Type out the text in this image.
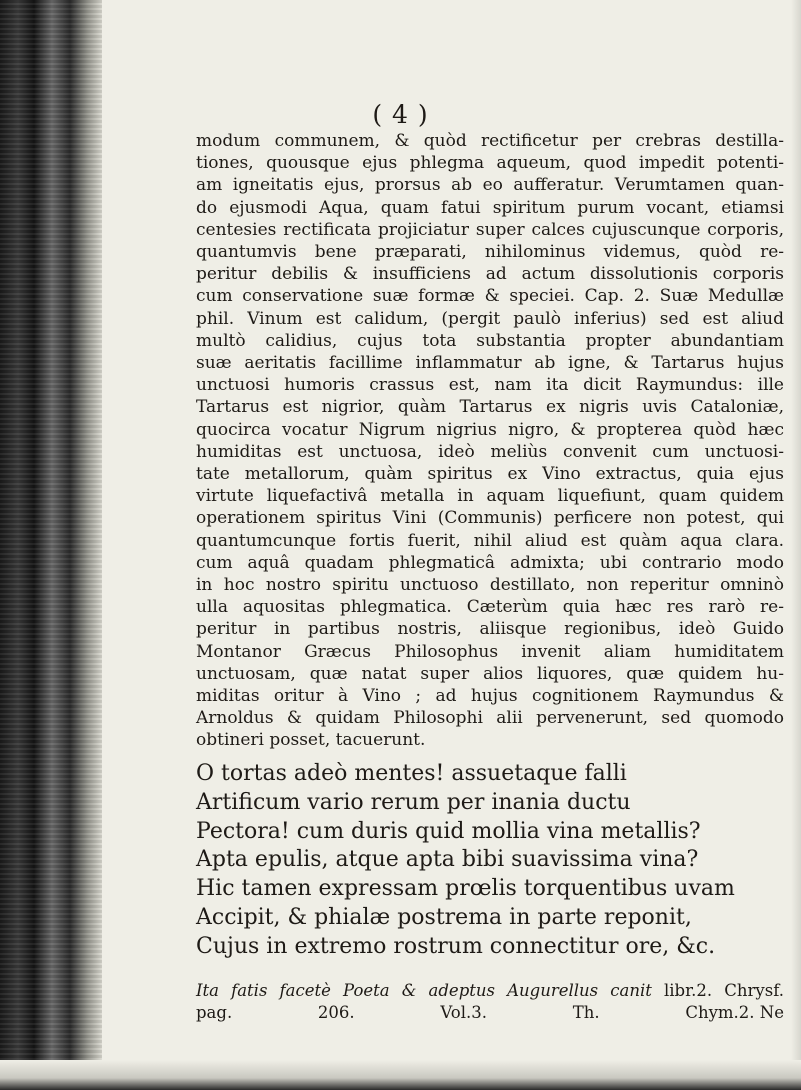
( 4 )
modum communem, & quòd rectificetur per crebras destilla-
tiones, quousque ejus phlegma aqueum, quod impedit potenti-
am igneitatis ejus, prorsus ab eo aufferatur. Verumtamen quan-
do ejusmodi Aqua, quam fatui spiritum purum vocant, etiamsi
centesies rectificata projiciatur super calces cujuscunque corporis,
quantumvis bene præparati, nihilominus videmus, quòd re-
peritur debilis & insufficiens ad actum dissolutionis corporis
cum conservatione suæ formæ & speciei. Cap. 2. Suæ Medullæ
phil. Vinum est calidum, (pergit paulò inferius) sed est aliud
multò calidius, cujus tota substantia propter abundantiam
suæ aeritatis facillime inflammatur ab igne, & Tartarus hujus
unctuosi humoris crassus est, nam ita dicit Raymundus: ille
Tartarus est nigrior, quàm Tartarus ex nigris uvis Cataloniæ,
quocirca vocatur Nigrum nigrius nigro, & propterea quòd hæc
humiditas est unctuosa, ideò meliùs convenit cum unctuosi-
tate metallorum, quàm spiritus ex Vino extractus, quia ejus
virtute liquefactivâ metalla in aquam liquefiunt, quam quidem
operationem spiritus Vini (Communis) perficere non potest, qui
quantumcunque fortis fuerit, nihil aliud est quàm aqua clara.
cum aquâ quadam phlegmaticâ admixta; ubi contrario modo
in hoc nostro spiritu unctuoso destillato, non reperitur omninò
ulla aquositas phlegmatica. Cæterùm quia hæc res rarò re-
peritur in partibus nostris, aliisque regionibus, ideò Guido
Montanor Græcus Philosophus invenit aliam humiditatem
unctuosam, quæ natat super alios liquores, quæ quidem hu-
miditas oritur à Vino ; ad hujus cognitionem Raymundus &
Arnoldus & quidam Philosophi alii pervenerunt, sed quomodo
obtineri posset, tacuerunt.
O tortas adeò mentes! assuetaque falli
Artificum vario rerum per inania ductu
Pectora! cum duris quid mollia vina metallis?
Apta epulis, atque apta bibi suavissima vina?
Hic tamen expressam prœlis torquentibus uvam
Accipit, & phialæ postrema in parte reponit,
Cujus in extremo rostrum connectitur ore, &c.
Ita fatis facetè Poeta & adeptus Augurellus canit libr.2. Chrysf.
pag. 206. Vol.3. Th. Chym. 2. Ne
